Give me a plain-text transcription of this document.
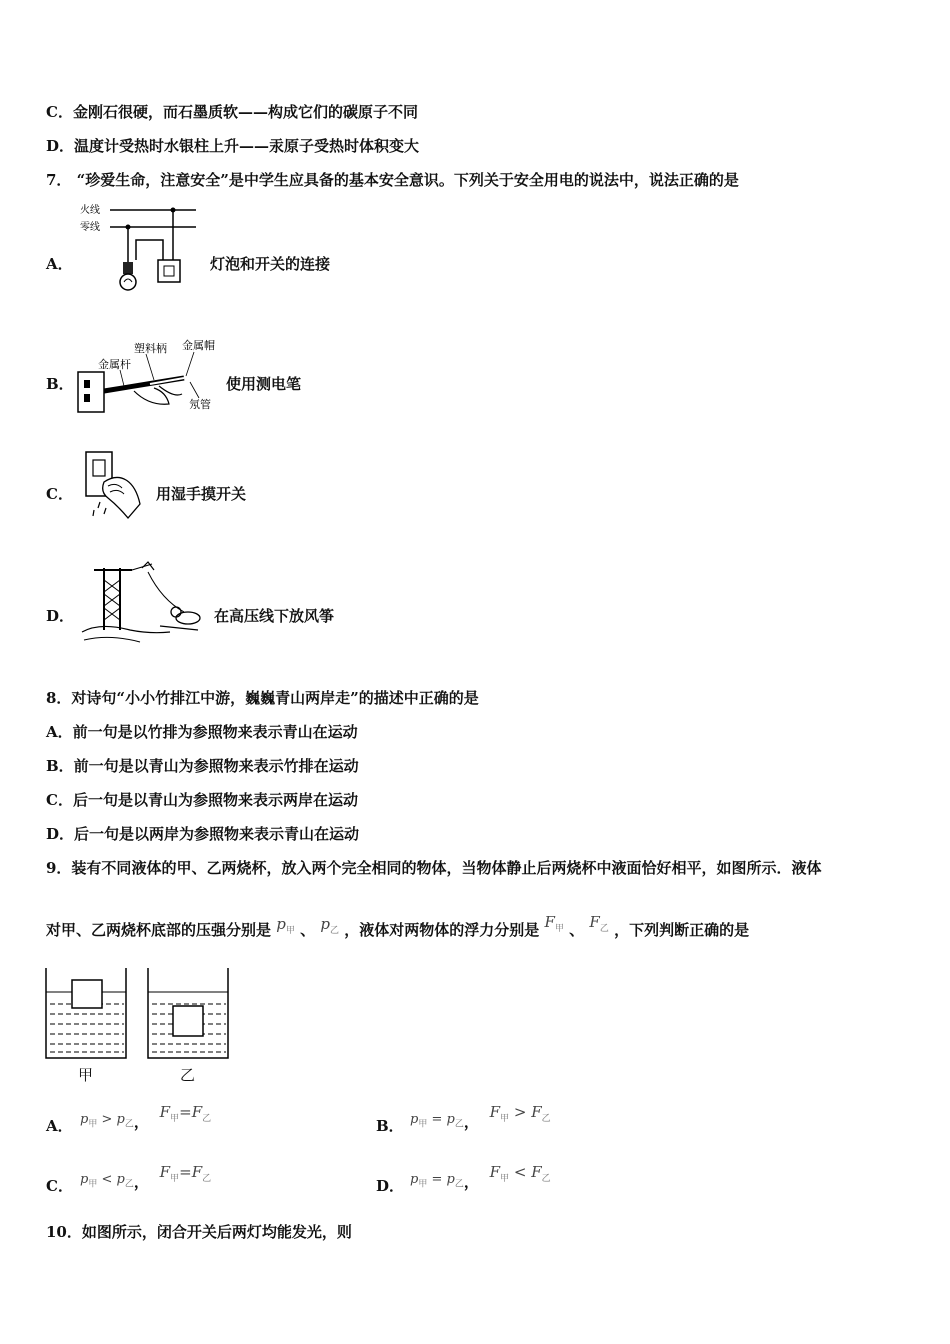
C．金刚石很硬，而石墨质软——构成它们的碳原子不同
D．温度计受热时水银柱上升——汞原子受热时体积变大
7． “珍爱生命，注意安全”是中学生应具备的基本安全意识。下列关于安全用电的说法中，说法正确的是
A．
火线
零线
灯泡和开关的连接
B．
塑料柄 金属帽
金属杆
氖管
使用测电笔
C．	用湿手摸开关
D．	在高压线下放风筝
8．对诗句“小小竹排江中游，巍巍青山两岸走”的描述中正确的是
A．前一句是以竹排为参照物来表示青山在运动
B．前一句是以青山为参照物来表示竹排在运动
C．后一句是以青山为参照物来表示两岸在运动
D．后一句是以两岸为参照物来表示青山在运动
9．装有不同液体的甲、乙两烧杯，放入两个完全相同的物体，当物体静止后两烧杯中液面恰好相平，如图所示．液体
对甲、乙两烧杯底部的压强分别是 $p_甲$ 、 $p_乙$ ，液体对两物体的浮力分别是 $F_甲$ 、 $F_乙$ ，下列判断正确的是
甲	乙
A． $p_甲 > p_乙$， $F_甲=F_乙$	B． $p_甲 = p_乙$， $F_甲 > F_乙$
C． $p_甲 < p_乙$， $F_甲=F_乙$	D． $p_甲 = p_乙$， $F_甲 < F_乙$
10．如图所示，闭合开关后两灯均能发光，则
